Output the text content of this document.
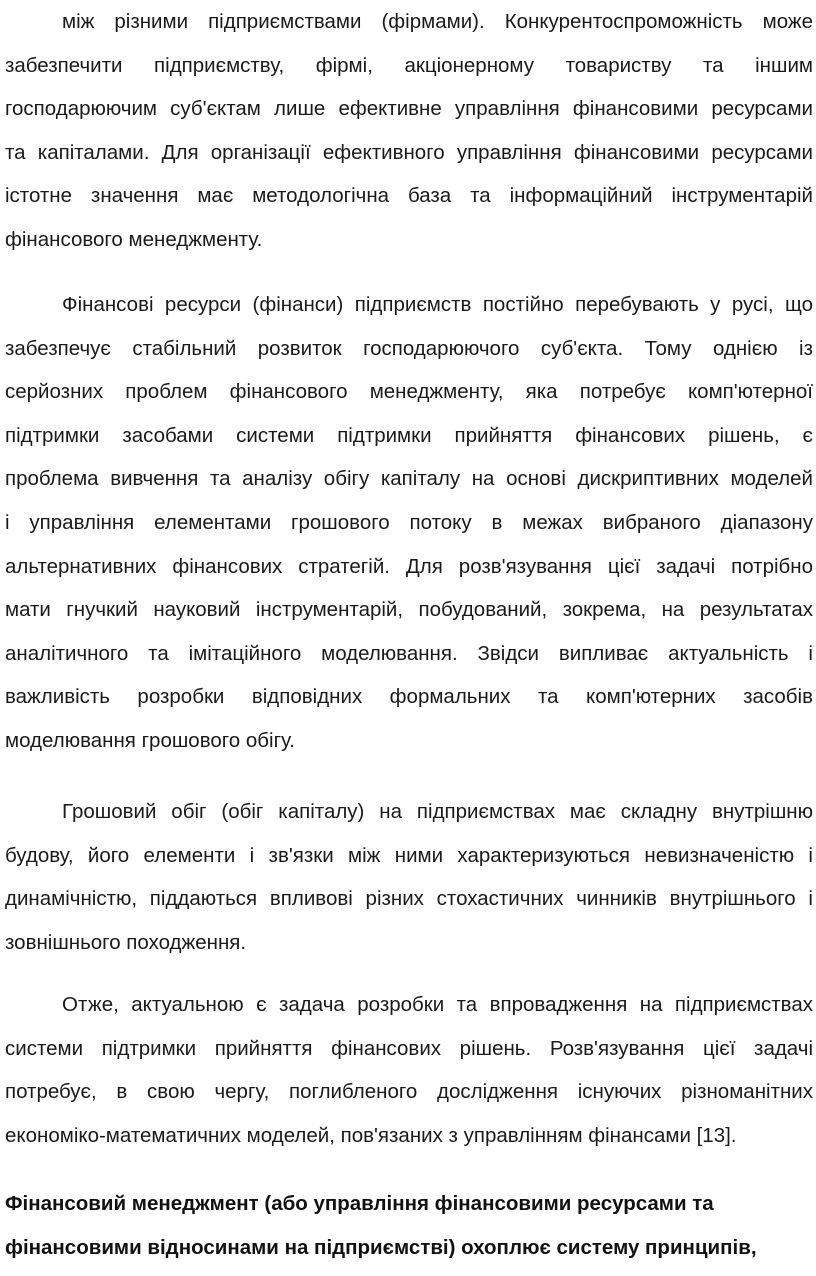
між різними підприємствами (фірмами). Конкурентоспроможність може
забезпечити підприємству, фірмі, акціонерному товариству та іншим
господарюючим суб'єктам лише ефективне управління фінансовими ресурсами
та капіталами. Для організації ефективного управління фінансовими ресурсами
істотне значення має методологічна база та інформаційний інструментарій
фінансового менеджменту.
Фінансові ресурси (фінанси) підприємств постійно перебувають у русі, що
забезпечує стабільний розвиток господарюючого суб'єкта. Тому однією із
серйозних проблем фінансового менеджменту, яка потребує комп'ютерної
підтримки засобами системи підтримки прийняття фінансових рішень, є
проблема вивчення та аналізу обігу капіталу на основі дискриптивних моделей
і управління елементами грошового потоку в межах вибраного діапазону
альтернативних фінансових стратегій. Для розв'язування цієї задачі потрібно
мати гнучкий науковий інструментарій, побудований, зокрема, на результатах
аналітичного та імітаційного моделювання. Звідси випливає актуальність і
важливість розробки відповідних формальних та комп'ютерних засобів
моделювання грошового обігу.
Грошовий обіг (обіг капіталу) на підприємствах має складну внутрішню
будову, його елементи і зв'язки між ними характеризуються невизначеністю і
динамічністю, піддаються впливові різних стохастичних чинників внутрішнього і
зовнішнього походження.
Отже, актуальною є задача розробки та впровадження на підприємствах
системи підтримки прийняття фінансових рішень. Розв'язування цієї задачі
потребує, в свою чергу, поглибленого дослідження існуючих різноманітних
економіко-математичних моделей, пов'язаних з управлінням фінансами [13].
Фінансовий менеджмент (або управління фінансовими ресурсами та
фінансовими відносинами на підприємстві) охоплює систему принципів,
